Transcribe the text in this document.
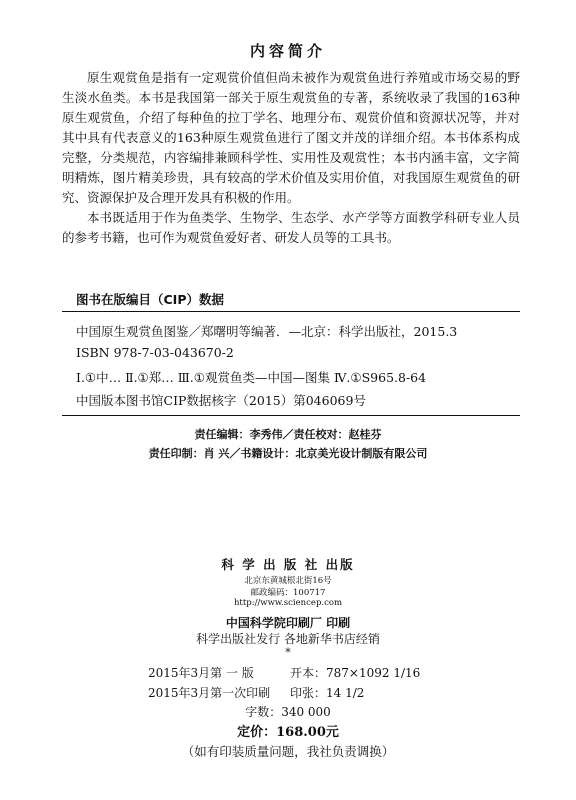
内容简介

原生观赏鱼是指有一定观赏价值但尚未被作为观赏鱼进行养殖或市场交易的野生淡水鱼类。本书是我国第一部关于原生观赏鱼的专著，系统收录了我国的163种原生观赏鱼，介绍了每种鱼的拉丁学名、地理分布、观赏价值和资源状况等，并对其中具有代表意义的163种原生观赏鱼进行了图文并茂的详细介绍。本书体系构成完整，分类规范，内容编排兼顾科学性、实用性及观赏性；本书内涵丰富，文字简明精炼，图片精美珍贵，具有较高的学术价值及实用价值，对我国原生观赏鱼的研究、资源保护及合理开发具有积极的作用。

本书既适用于作为鱼类学、生物学、生态学、水产学等方面教学科研专业人员的参考书籍，也可作为观赏鱼爱好者、研发人员等的工具书。

图书在版编目（CIP）数据
中国原生观赏鱼图鉴／郑曙明等编著．—北京：科学出版社，2015.3
ISBN 978-7-03-043670-2
Ⅰ.①中… Ⅱ.①郑… Ⅲ.①观赏鱼类—中国—图集 Ⅳ.①S965.8-64
中国版本图书馆CIP数据核字（2015）第046069号
责任编辑：李秀伟／责任校对：赵桂芬
责任印制：肖 兴／书籍设计：北京美光设计制版有限公司
科 学 出 版 社 出版
北京东黄城根北街16号
邮政编码：100717
http://www.sciencep.com
中国科学院印刷厂 印刷
科学出版社发行 各地新华书店经销
*
2015年3月第 一 版	开本：787×1092 1/16
2015年3月第一次印刷 印张：14 1/2
字数：340 000
定价：168.00元
（如有印装质量问题，我社负责调换）
